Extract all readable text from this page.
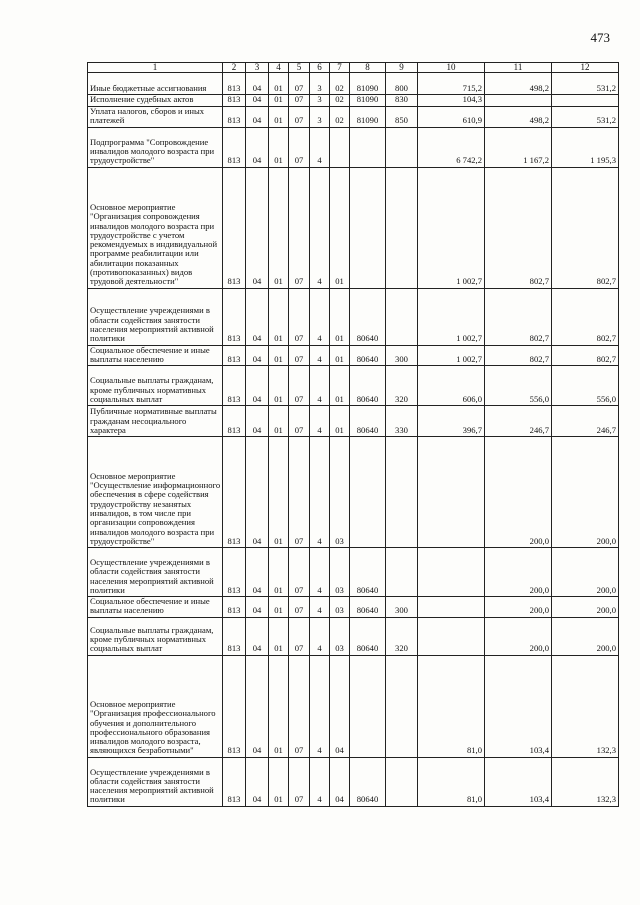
473
1	2	3	4	5	6	7	8	9	10	11	12
Иные бюджетные ассигнования	813	04	01	07	3	02	81090	800	715,2	498,2	531,2
Исполнение судебных актов	813	04	01	07	3	02	81090	830	104,3		
Уплата налогов, сборов и иных платежей	813	04	01	07	3	02	81090	850	610,9	498,2	531,2
Подпрограмма "Сопровождение инвалидов молодого возраста при трудоустройстве"	813	04	01	07	4				6 742,2	1 167,2	1 195,3
Основное мероприятие "Организация сопровождения инвалидов молодого возраста при трудоустройстве с учетом рекомендуемых в индивидуальной программе реабилитации или абилитации показанных (противопоказанных) видов трудовой деятельности"	813	04	01	07	4	01			1 002,7	802,7	802,7
Осуществление учреждениями в области содействия занятости населения мероприятий активной политики	813	04	01	07	4	01	80640		1 002,7	802,7	802,7
Социальное обеспечение и иные выплаты населению	813	04	01	07	4	01	80640	300	1 002,7	802,7	802,7
Социальные выплаты гражданам, кроме публичных нормативных социальных выплат	813	04	01	07	4	01	80640	320	606,0	556,0	556,0
Публичные нормативные выплаты гражданам несоциального характера	813	04	01	07	4	01	80640	330	396,7	246,7	246,7
Основное мероприятие "Осуществление информационного обеспечения в сфере содействия трудоустройству незанятых инвалидов, в том числе при организации сопровождения инвалидов молодого возраста при трудоустройстве"	813	04	01	07	4	03				200,0	200,0
Осуществление учреждениями в области содействия занятости населения мероприятий активной политики	813	04	01	07	4	03	80640			200,0	200,0
Социальное обеспечение и иные выплаты населению	813	04	01	07	4	03	80640	300		200,0	200,0
Социальные выплаты гражданам, кроме публичных нормативных социальных выплат	813	04	01	07	4	03	80640	320		200,0	200,0
Основное мероприятие "Организация профессионального обучения и дополнительного профессионального образования инвалидов молодого возраста, являющихся безработными"	813	04	01	07	4	04			81,0	103,4	132,3
Осуществление учреждениями в области содействия занятости населения мероприятий активной политики	813	04	01	07	4	04	80640		81,0	103,4	132,3
